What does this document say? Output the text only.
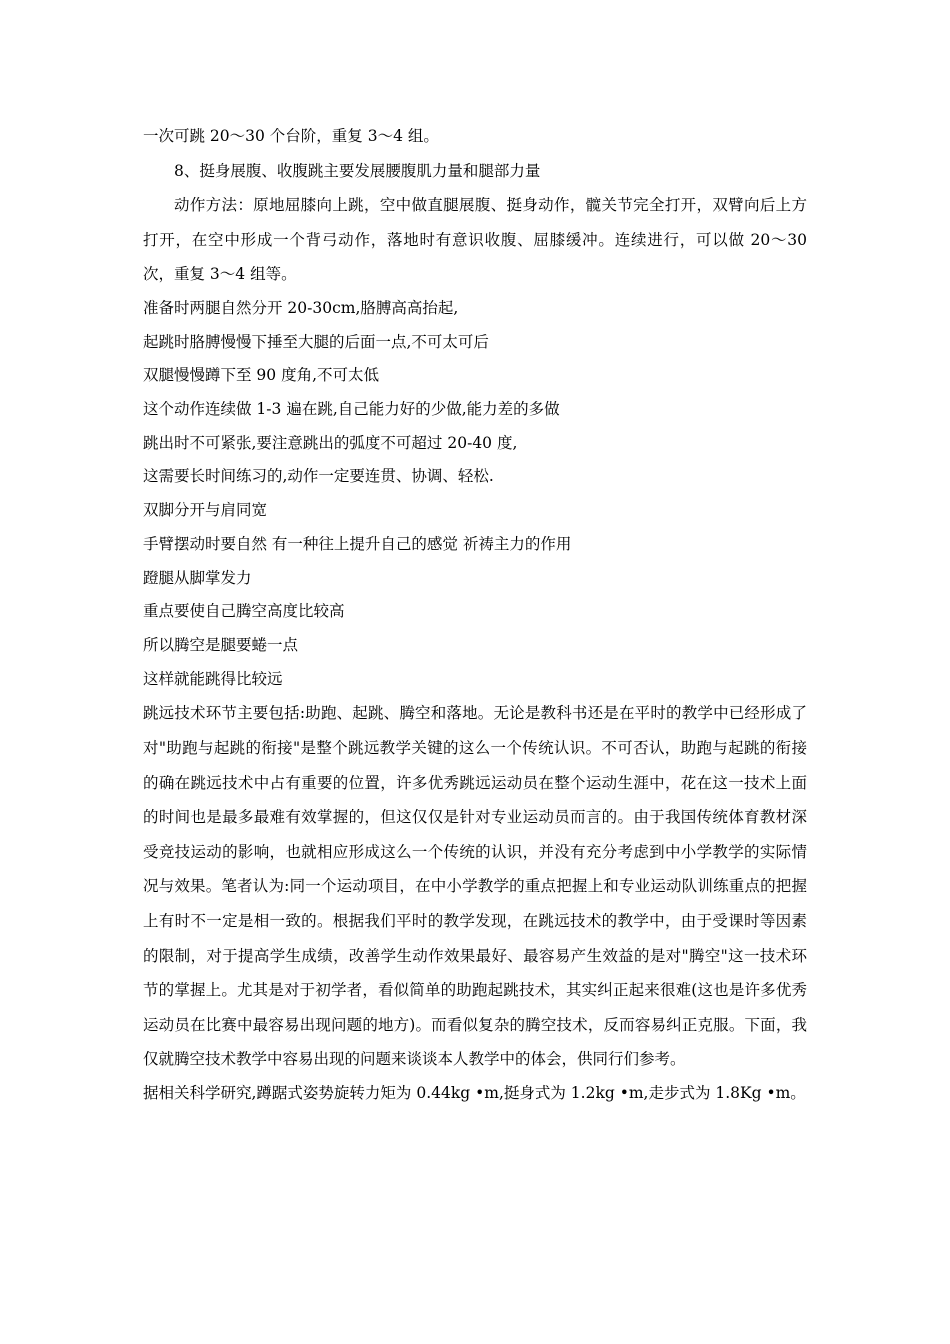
一次可跳 20～30 个台阶，重复 3～4 组。

8、挺身展腹、收腹跳主要发展腰腹肌力量和腿部力量

动作方法：原地屈膝向上跳，空中做直腿展腹、挺身动作，髋关节完全打开，双臂向后上方打开，在空中形成一个背弓动作，落地时有意识收腹、屈膝缓冲。连续进行，可以做 20～30 次，重复 3～4 组等。

准备时两腿自然分开 20-30cm,胳膊高高抬起,

起跳时胳膊慢慢下捶至大腿的后面一点,不可太可后

双腿慢慢蹲下至 90 度角,不可太低

这个动作连续做 1-3 遍在跳,自己能力好的少做,能力差的多做

跳出时不可紧张,要注意跳出的弧度不可超过 20-40 度,

这需要长时间练习的,动作一定要连贯、协调、轻松.

双脚分开与肩同宽

手臂摆动时要自然 有一种往上提升自己的感觉 祈祷主力的作用

蹬腿从脚掌发力

重点要使自己腾空高度比较高

所以腾空是腿要蜷一点

这样就能跳得比较远

跳远技术环节主要包括:助跑、起跳、腾空和落地。无论是教科书还是在平时的教学中已经形成了对"助跑与起跳的衔接"是整个跳远教学关键的这么一个传统认识。不可否认，助跑与起跳的衔接的确在跳远技术中占有重要的位置，许多优秀跳远运动员在整个运动生涯中，花在这一技术上面的时间也是最多最难有效掌握的，但这仅仅是针对专业运动员而言的。由于我国传统体育教材深受竞技运动的影响，也就相应形成这么一个传统的认识，并没有充分考虑到中小学教学的实际情况与效果。笔者认为:同一个运动项目，在中小学教学的重点把握上和专业运动队训练重点的把握上有时不一定是相一致的。根据我们平时的教学发现，在跳远技术的教学中，由于受课时等因素的限制，对于提高学生成绩，改善学生动作效果最好、最容易产生效益的是对"腾空"这一技术环节的掌握上。尤其是对于初学者，看似简单的助跑起跳技术，其实纠正起来很难(这也是许多优秀运动员在比赛中最容易出现问题的地方)。而看似复杂的腾空技术，反而容易纠正克服。下面，我仅就腾空技术教学中容易出现的问题来谈谈本人教学中的体会，供同行们参考。

据相关科学研究,蹲踞式姿势旋转力矩为 0.44kg •m,挺身式为 1.2kg •m,走步式为 1.8Kg •m。
